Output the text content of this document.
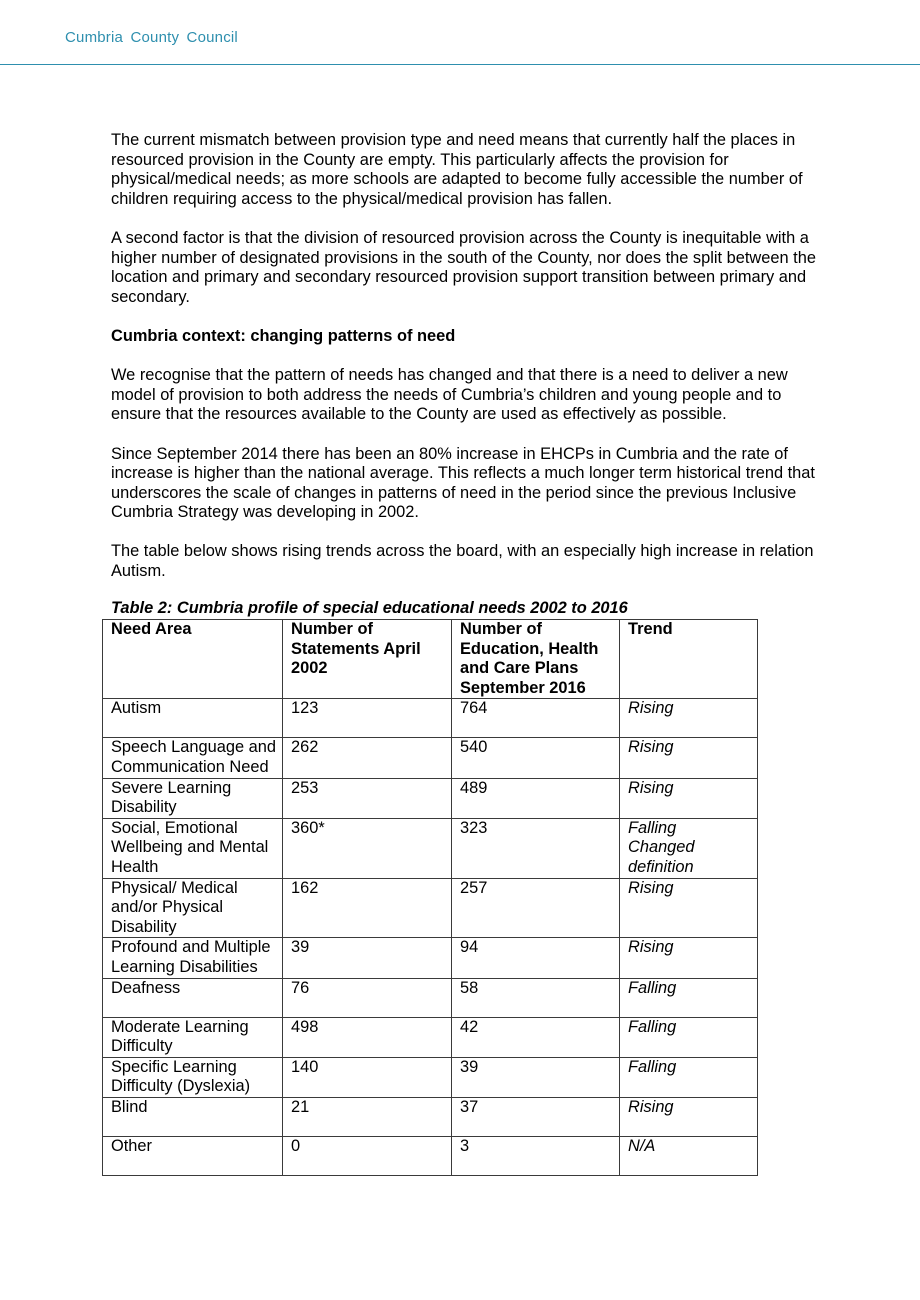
Cumbria County Council

The current mismatch between provision type and need means that currently half the places in resourced provision in the County are empty. This particularly affects the provision for physical/medical needs; as more schools are adapted to become fully accessible the number of children requiring access to the physical/medical provision has fallen.

A second factor is that the division of resourced provision across the County is inequitable with a higher number of designated provisions in the south of the County, nor does the split between the location and primary and secondary resourced provision support transition between primary and secondary.

Cumbria context: changing patterns of need

We recognise that the pattern of needs has changed and that there is a need to deliver a new model of provision to both address the needs of Cumbria’s children and young people and to ensure that the resources available to the County are used as effectively as possible.

Since September 2014 there has been an 80% increase in EHCPs in Cumbria and the rate of increase is higher than the national average. This reflects a much longer term historical trend that underscores the scale of changes in patterns of need in the period since the previous Inclusive Cumbria Strategy was developing in 2002.

The table below shows rising trends across the board, with an especially high increase in relation Autism.

Table 2: Cumbria profile of special educational needs 2002 to 2016
Need Area	Number of Statements April 2002	Number of Education, Health and Care Plans September 2016	Trend
Autism	123	764	Rising
Speech Language and Communication Need	262	540	Rising
Severe Learning Disability	253	489	Rising
Social, Emotional Wellbeing and Mental Health	360*	323	Falling
Changed definition

Physical/ Medical and/or Physical Disability	162	257	Rising
Profound and Multiple Learning Disabilities	39	94	Rising
Deafness	76	58	Falling
Moderate Learning Difficulty	498	42	Falling
Specific Learning Difficulty (Dyslexia)	140	39	Falling
Blind	21	37	Rising
Other	0	3	N/A
